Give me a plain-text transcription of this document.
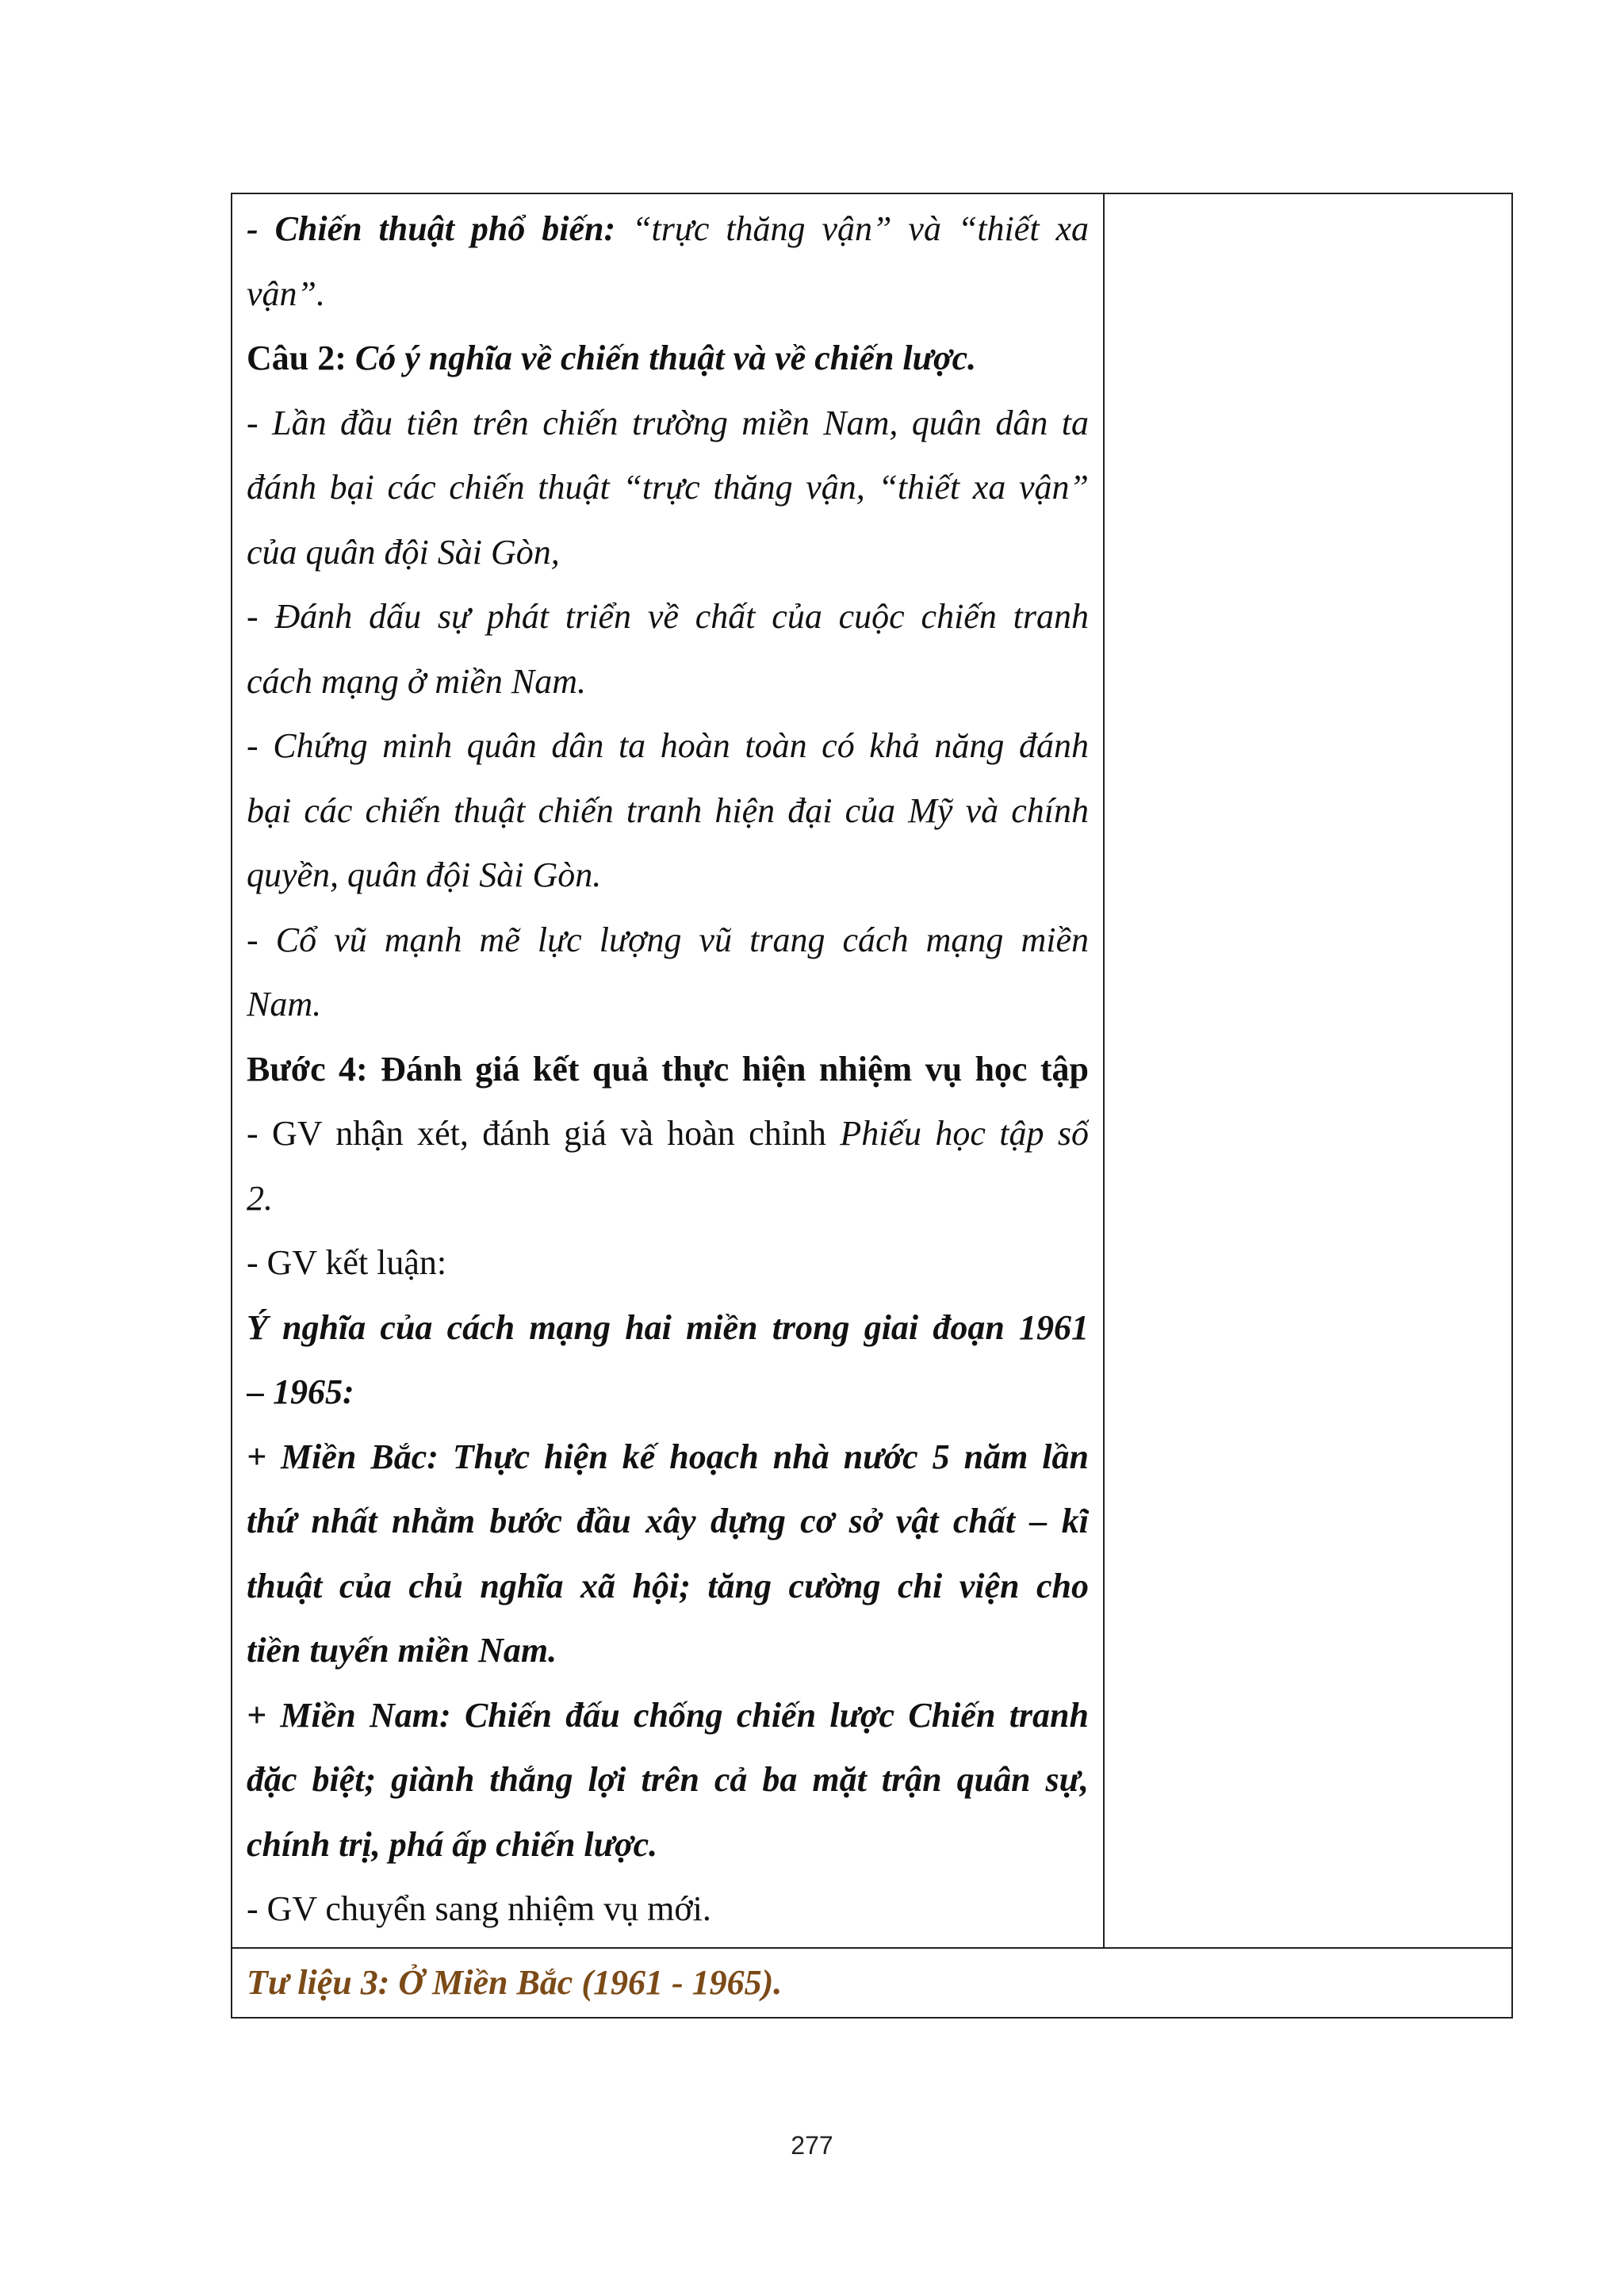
- Chiến thuật phổ biến: “trực thăng vận” và “thiết xa
vận”.
Câu 2: Có ý nghĩa về chiến thuật và về chiến lược.
- Lần đầu tiên trên chiến trường miền Nam, quân dân ta
đánh bại các chiến thuật “trực thăng vận, “thiết xa vận”
của quân đội Sài Gòn,
- Đánh dấu sự phát triển về chất của cuộc chiến tranh
cách mạng ở miền Nam.
- Chứng minh quân dân ta hoàn toàn có khả năng đánh
bại các chiến thuật chiến tranh hiện đại của Mỹ và chính
quyền, quân đội Sài Gòn.
- Cổ vũ mạnh mẽ lực lượng vũ trang cách mạng miền
Nam.
Bước 4: Đánh giá kết quả thực hiện nhiệm vụ học tập
- GV nhận xét, đánh giá và hoàn chỉnh Phiếu học tập số
2.
- GV kết luận:
Ý nghĩa của cách mạng hai miền trong giai đoạn 1961
– 1965:
+ Miền Bắc: Thực hiện kế hoạch nhà nước 5 năm lần
thứ nhất nhằm bước đầu xây dựng cơ sở vật chất – kĩ
thuật của chủ nghĩa xã hội; tăng cường chi viện cho
tiền tuyến miền Nam.
+ Miền Nam: Chiến đấu chống chiến lược Chiến tranh
đặc biệt; giành thắng lợi trên cả ba mặt trận quân sự,
chính trị, phá ấp chiến lược.
- GV chuyển sang nhiệm vụ mới.
Tư liệu 3: Ở Miền Bắc (1961 - 1965).
277
